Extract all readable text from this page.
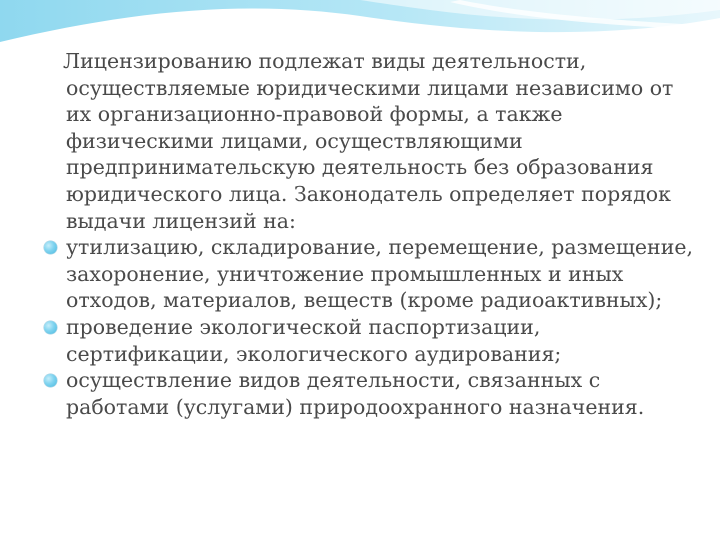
Лицензированию подлежат виды деятельности, осуществляемые юридическими лицами независимо от их организационно-правовой формы, а также физическими лицами, осуществляющими предпринимательскую деятельность без образования юридического лица. Законодатель определяет порядок выдачи лицензий на:

утилизацию, складирование, перемещение, размещение, захоронение, уничтожение промышленных и иных отходов, материалов, веществ (кроме радиоактивных);
проведение экологической паспортизации, сертификации, экологического аудирования;
осуществление видов деятельности, связанных с работами (услугами) природоохранного назначения.
